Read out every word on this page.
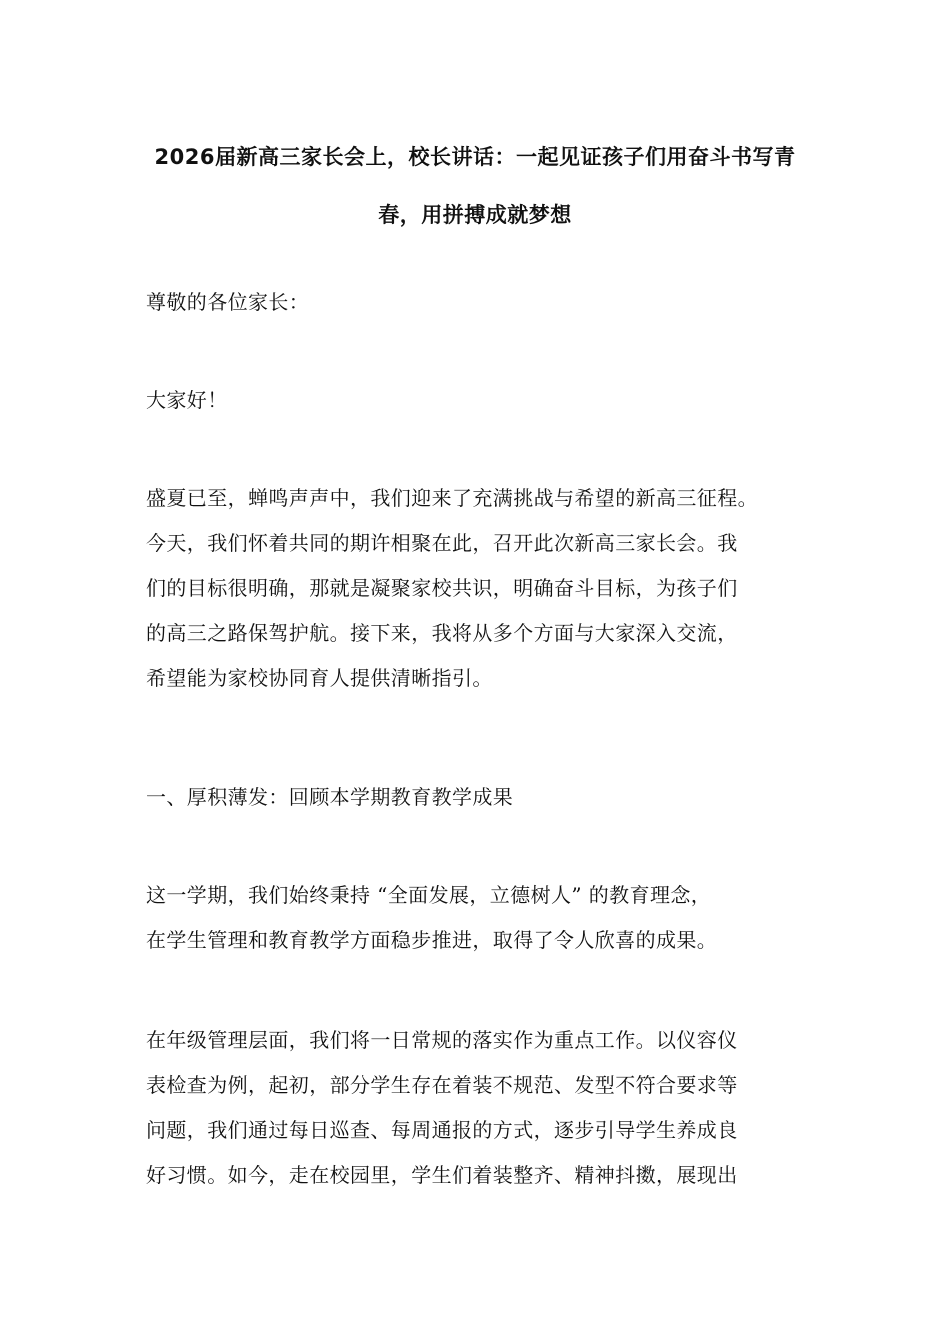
2026届新高三家长会上，校长讲话：一起见证孩子们用奋斗书写青
春，用拼搏成就梦想
尊敬的各位家长：
大家好！
盛夏已至，蝉鸣声声中，我们迎来了充满挑战与希望的新高三征程。
今天，我们怀着共同的期许相聚在此，召开此次新高三家长会。我
们的目标很明确，那就是凝聚家校共识，明确奋斗目标，为孩子们
的高三之路保驾护航。接下来，我将从多个方面与大家深入交流，
希望能为家校协同育人提供清晰指引。
一、厚积薄发：回顾本学期教育教学成果
这一学期，我们始终秉持 “全面发展，立德树人” 的教育理念，
在学生管理和教育教学方面稳步推进，取得了令人欣喜的成果。
在年级管理层面，我们将一日常规的落实作为重点工作。以仪容仪
表检查为例，起初，部分学生存在着装不规范、发型不符合要求等
问题，我们通过每日巡查、每周通报的方式，逐步引导学生养成良
好习惯。如今，走在校园里，学生们着装整齐、精神抖擞，展现出
